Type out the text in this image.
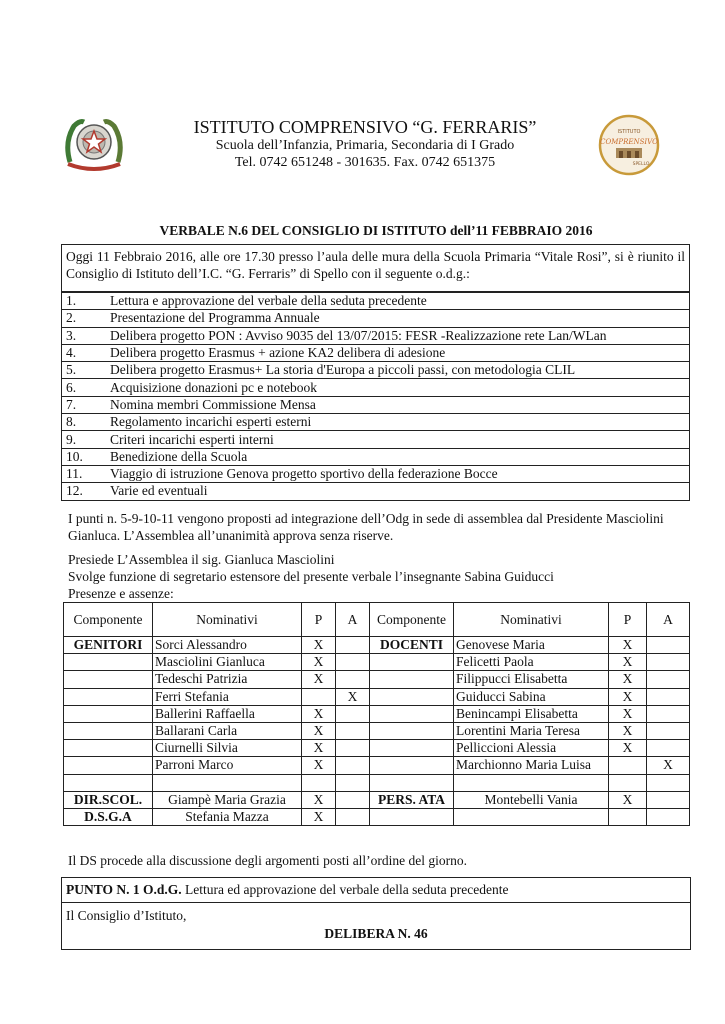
ISTITUTO COMPRENSIVO “G. FERRARIS”
Scuola dell’Infanzia, Primaria, Secondaria di I Grado
Tel. 0742 651248 - 301635. Fax. 0742 651375
ISTITUTO
COMPRENSIVO
SPELLO
VERBALE N.6 DEL CONSIGLIO DI ISTITUTO dell’11 FEBBRAIO 2016
Oggi 11 Febbraio 2016, alle ore 17.30 presso l’aula delle mura della Scuola Primaria “Vitale Rosi”, si è riunito il Consiglio di Istituto dell’I.C. “G. Ferraris” di Spello con il seguente o.d.g.:
1.	Lettura e approvazione del verbale della seduta precedente
2.	Presentazione del Programma Annuale
3.	Delibera progetto PON : Avviso 9035 del 13/07/2015: FESR -Realizzazione rete Lan/WLan
4.	Delibera progetto Erasmus + azione KA2 delibera di adesione
5.	Delibera progetto Erasmus+ La storia d'Europa a piccoli passi, con metodologia CLIL
6.	Acquisizione donazioni pc e notebook
7.	Nomina membri Commissione Mensa
8.	Regolamento incarichi esperti esterni
9.	Criteri incarichi esperti interni
10.	Benedizione della Scuola
11.	Viaggio di istruzione Genova progetto sportivo della federazione Bocce
12.	Varie ed eventuali
I punti n. 5-9-10-11 vengono proposti ad integrazione dell’Odg in sede di assemblea dal Presidente Masciolini Gianluca. L’Assemblea all’unanimità approva senza riserve.
Presiede L’Assemblea il sig. Gianluca Masciolini
Svolge funzione di segretario estensore del presente verbale l’insegnante Sabina Guiducci
Presenze e assenze:
Componente	Nominativi	P	A	Componente	Nominativi	P	A
GENITORI	Sorci Alessandro	X		DOCENTI	Genovese Maria	X	
	Masciolini Gianluca	X			Felicetti Paola	X	
	Tedeschi Patrizia	X			Filippucci Elisabetta	X	
	Ferri Stefania		X		Guiducci Sabina	X	
	Ballerini Raffaella	X			Benincampi Elisabetta	X	
	Ballarani Carla	X			Lorentini Maria Teresa	X	
	Ciurnelli Silvia	X			Pelliccioni Alessia	X	
	Parroni Marco	X			Marchionno Maria Luisa		X

DIR.SCOL.	Giampè Maria Grazia	X		PERS. ATA	Montebelli Vania	X	
D.S.G.A	Stefania Mazza	X					
Il DS procede alla discussione degli argomenti posti all’ordine del giorno.
PUNTO N. 1 O.d.G. Lettura ed approvazione del verbale della seduta precedente
Il Consiglio d’Istituto,
DELIBERA N. 46
